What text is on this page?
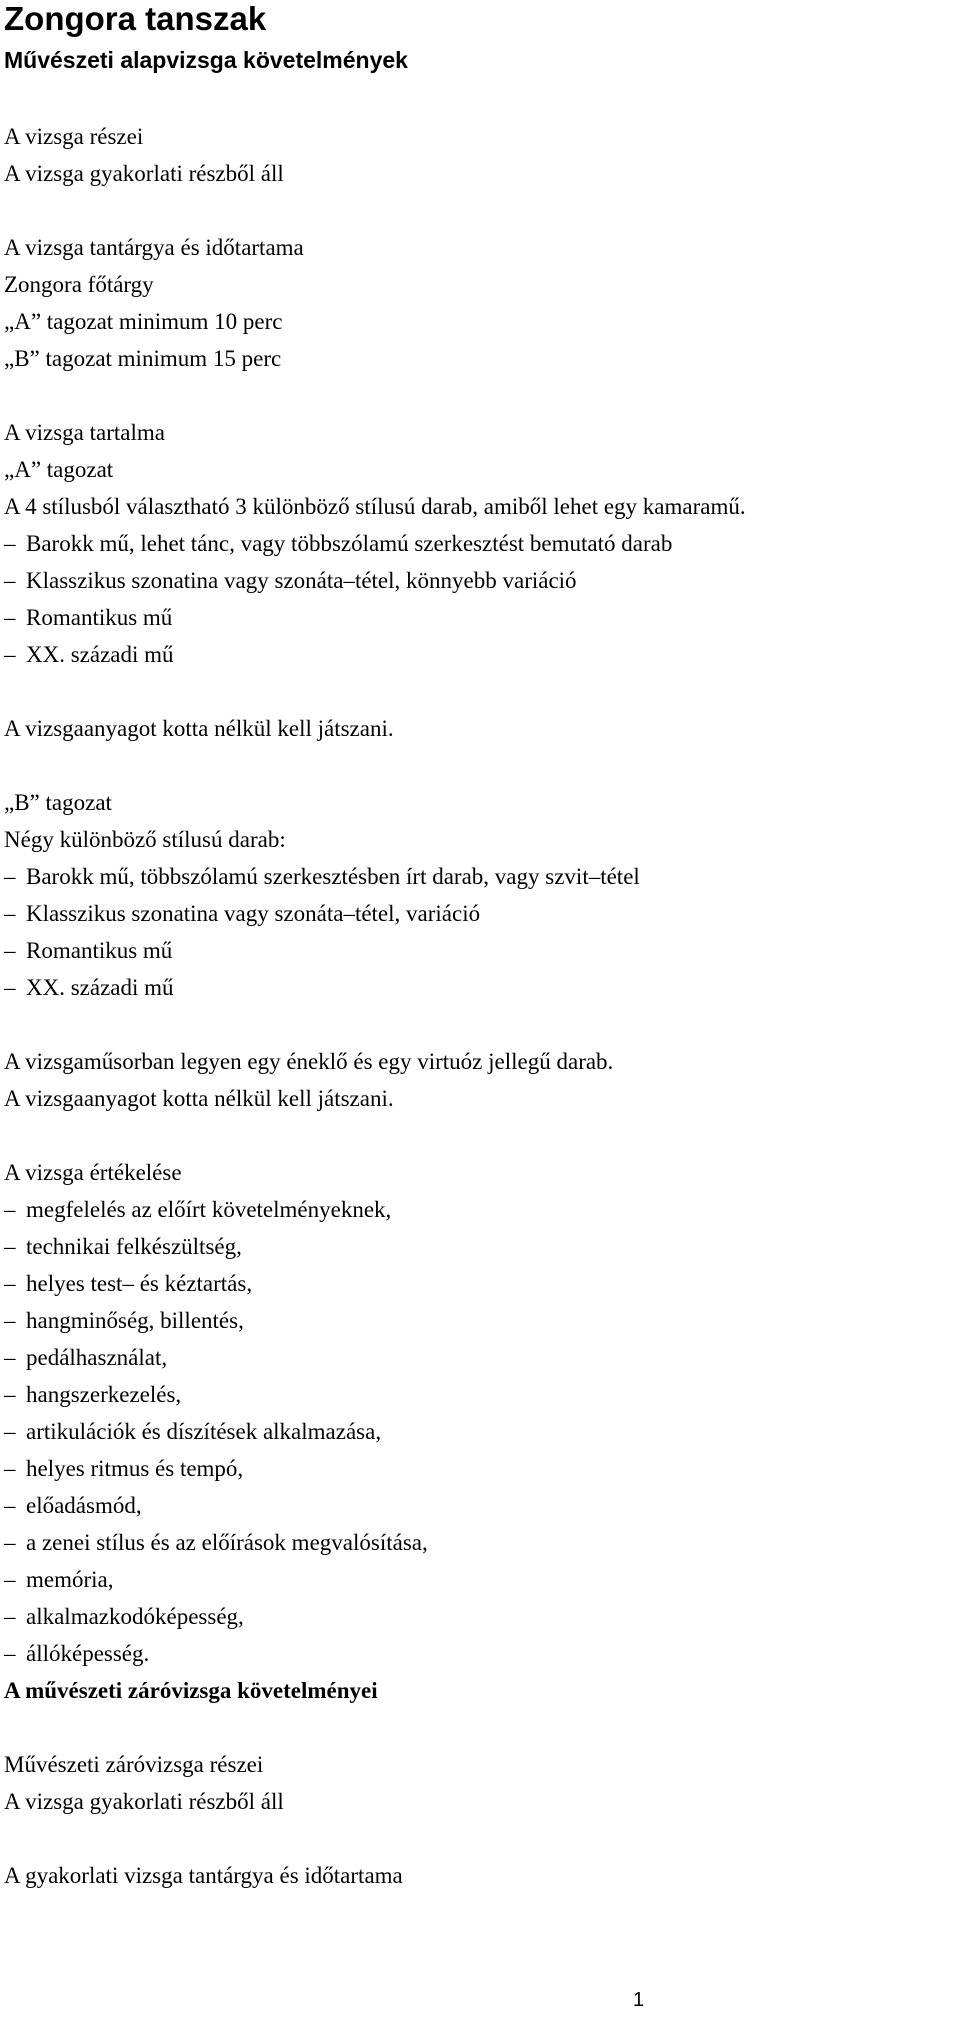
Zongora tanszak
Művészeti alapvizsga követelmények

A vizsga részei

A vizsga gyakorlati részből áll

A vizsga tantárgya és időtartama

Zongora főtárgy

„A” tagozat minimum 10 perc

„B” tagozat minimum 15 perc

A vizsga tartalma

„A” tagozat

A 4 stílusból választható 3 különböző stílusú darab, amiből lehet egy kamaramű.

– Barokk mű, lehet tánc, vagy többszólamú szerkesztést bemutató darab

– Klasszikus szonatina vagy szonáta–tétel, könnyebb variáció

– Romantikus mű

– XX. századi mű

A vizsgaanyagot kotta nélkül kell játszani.

„B” tagozat

Négy különböző stílusú darab:

– Barokk mű, többszólamú szerkesztésben írt darab, vagy szvit–tétel

– Klasszikus szonatina vagy szonáta–tétel, variáció

– Romantikus mű

– XX. századi mű

A vizsgaműsorban legyen egy éneklő és egy virtuóz jellegű darab.

A vizsgaanyagot kotta nélkül kell játszani.

A vizsga értékelése

– megfelelés az előírt követelményeknek,

– technikai felkészültség,

– helyes test– és kéztartás,

– hangminőség, billentés,

– pedálhasználat,

– hangszerkezelés,

– artikulációk és díszítések alkalmazása,

– helyes ritmus és tempó,

– előadásmód,

– a zenei stílus és az előírások megvalósítása,

– memória,

– alkalmazkodóképesség,

– állóképesség.

A művészeti záróvizsga követelményei

Művészeti záróvizsga részei

A vizsga gyakorlati részből áll

A gyakorlati vizsga tantárgya és időtartama

1
